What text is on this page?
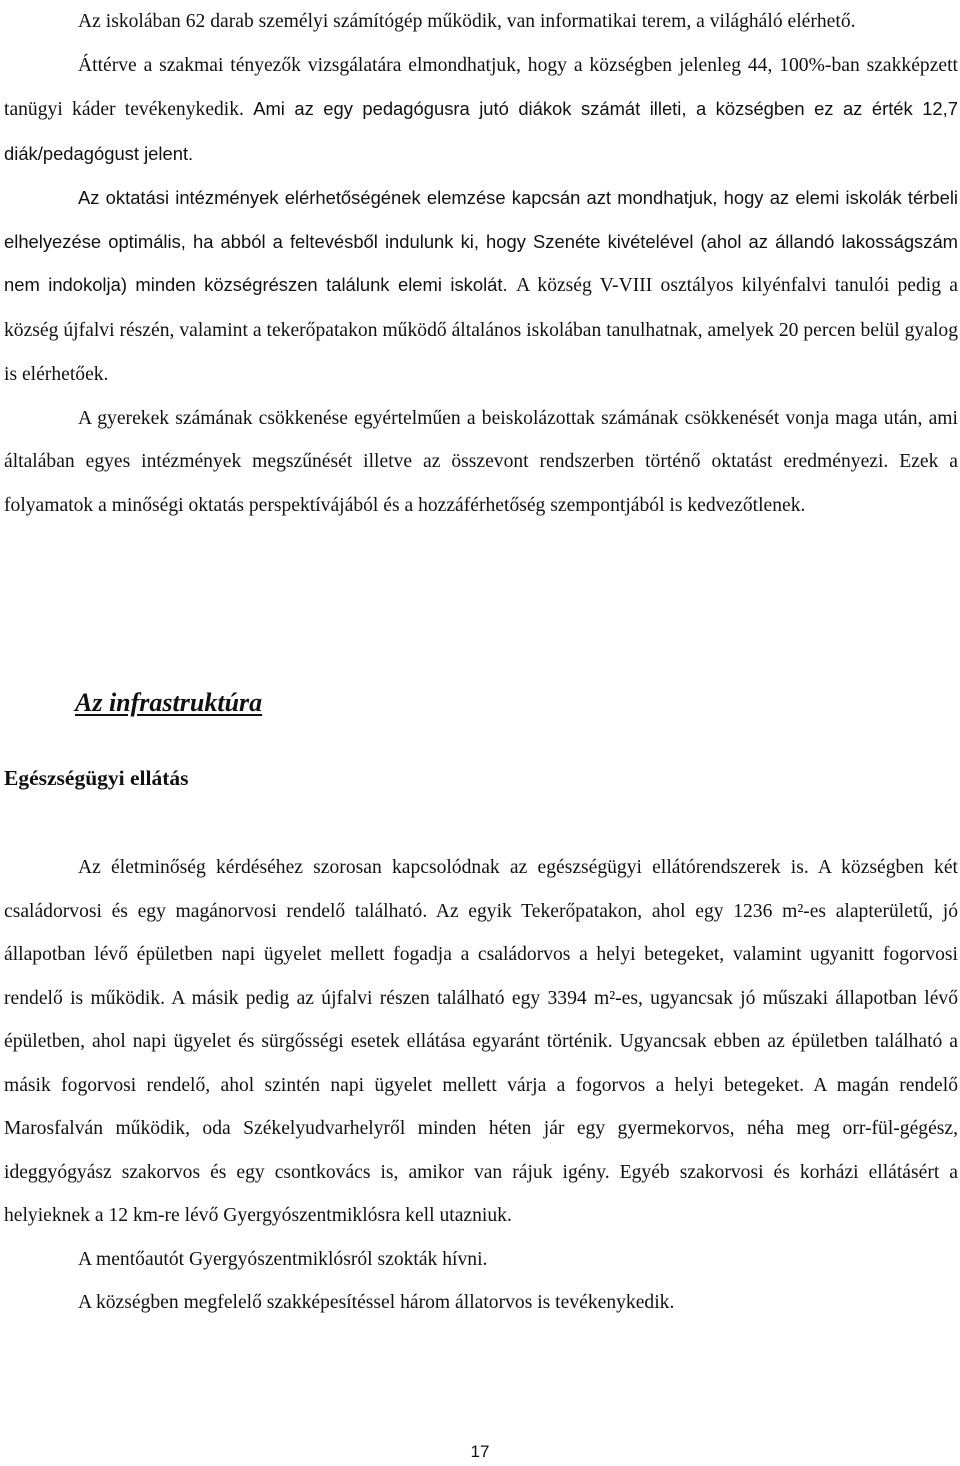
Az iskolában 62 darab személyi számítógép működik, van informatikai terem, a világháló elérhető.

Áttérve a szakmai tényezők vizsgálatára elmondhatjuk, hogy a községben jelenleg 44, 100%-ban szakképzett tanügyi káder tevékenykedik. Ami az egy pedagógusra jutó diákok számát illeti, a községben ez az érték 12,7 diák/pedagógust jelent.

Az oktatási intézmények elérhetőségének elemzése kapcsán azt mondhatjuk, hogy az elemi iskolák térbeli elhelyezése optimális, ha abból a feltevésből indulunk ki, hogy Szenéte kivételével (ahol az állandó lakosságszám nem indokolja) minden községrészen találunk elemi iskolát. A község V-VIII osztályos kilyénfalvi tanulói pedig a község újfalvi részén, valamint a tekerőpatakon működő általános iskolában tanulhatnak, amelyek 20 percen belül gyalog is elérhetőek.

A gyerekek számának csökkenése egyértelműen a beiskolázottak számának csökkenését vonja maga után, ami általában egyes intézmények megszűnését illetve az összevont rendszerben történő oktatást eredményezi. Ezek a folyamatok a minőségi oktatás perspektívájából és a hozzáférhetőség szempontjából is kedvezőtlenek.

Az infrastruktúra
Egészségügyi ellátás

Az életminőség kérdéséhez szorosan kapcsolódnak az egészségügyi ellátórendszerek is. A községben két családorvosi és egy magánorvosi rendelő található. Az egyik Tekerőpatakon, ahol egy 1236 m²-es alapterületű, jó állapotban lévő épületben napi ügyelet mellett fogadja a családorvos a helyi betegeket, valamint ugyanitt fogorvosi rendelő is működik. A másik pedig az újfalvi részen található egy 3394 m²-es, ugyancsak jó műszaki állapotban lévő épületben, ahol napi ügyelet és sürgősségi esetek ellátása egyaránt történik. Ugyancsak ebben az épületben található a másik fogorvosi rendelő, ahol szintén napi ügyelet mellett várja a fogorvos a helyi betegeket. A magán rendelő Marosfalván működik, oda Székelyudvarhelyről minden héten jár egy gyermekorvos, néha meg orr-fül-gégész, ideggyógyász szakorvos és egy csontkovács is, amikor van rájuk igény. Egyéb szakorvosi és korházi ellátásért a helyieknek a 12 km-re lévő Gyergyószentmiklósra kell utazniuk.

A mentőautót Gyergyószentmiklósról szokták hívni.

A községben megfelelő szakképesítéssel három állatorvos is tevékenykedik.

17
